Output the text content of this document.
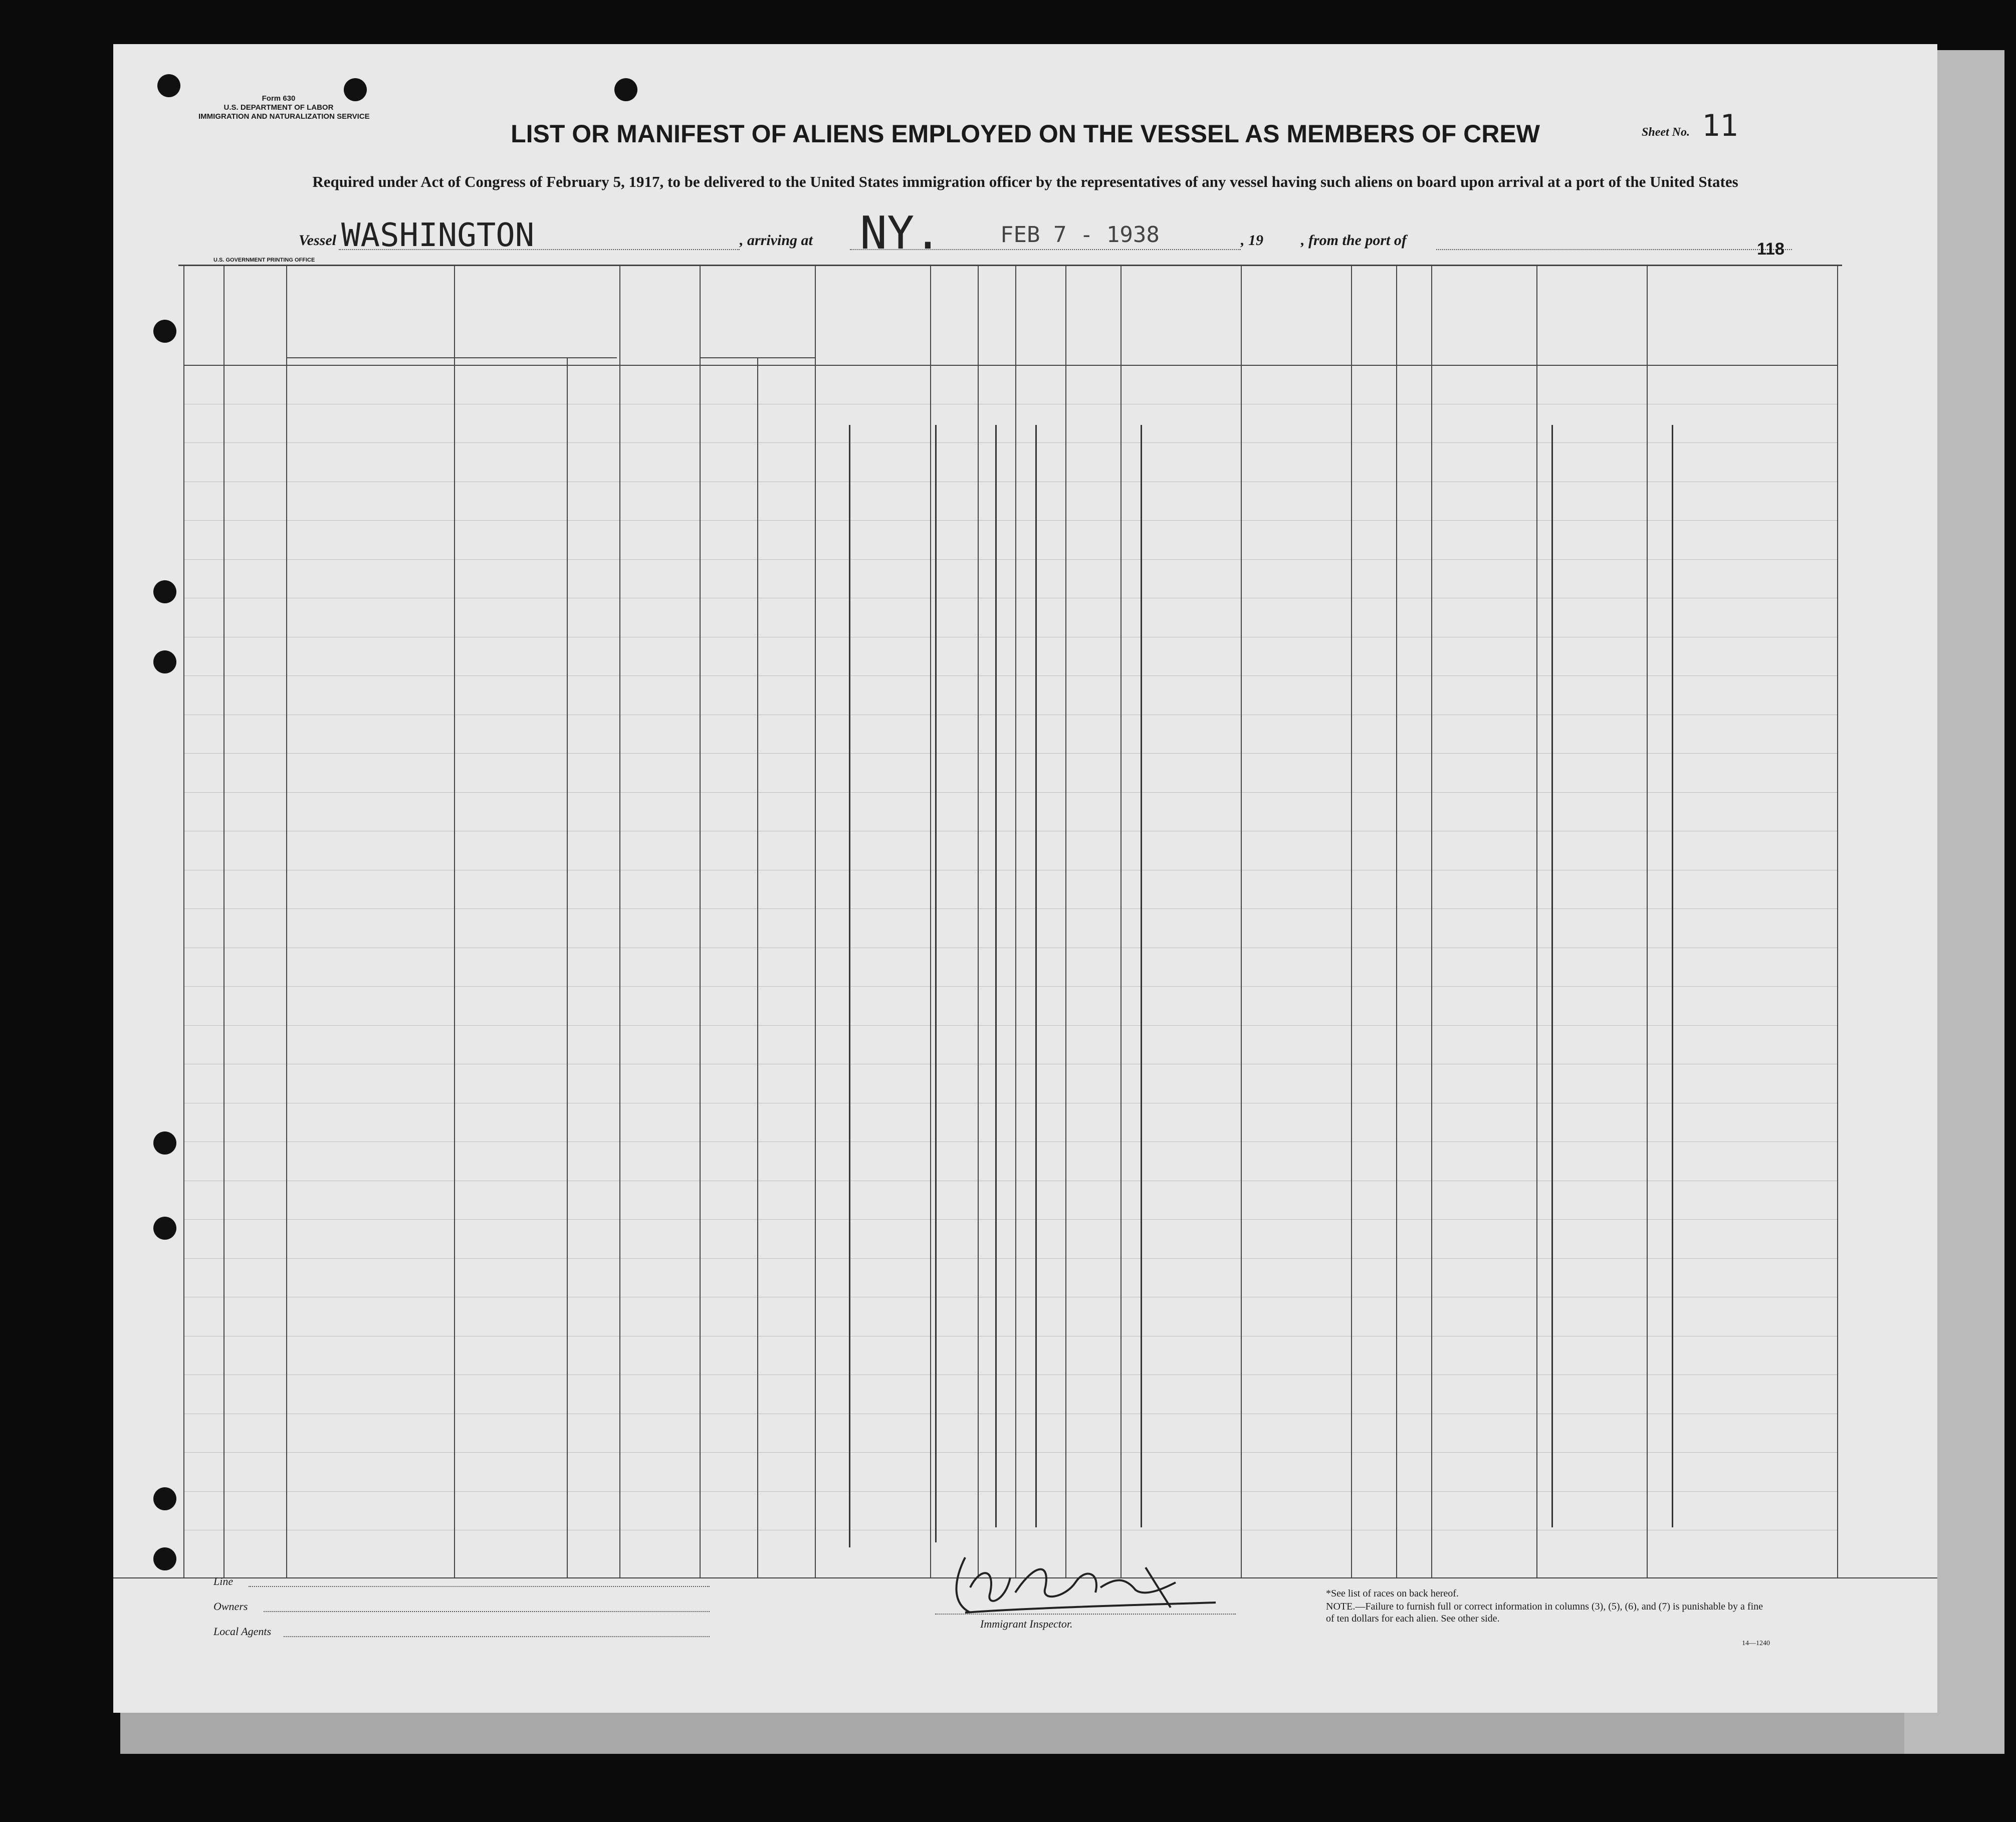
Form 630
U.S. DEPARTMENT OF LABOR
IMMIGRATION AND NATURALIZATION SERVICE
Sheet No. 11
LIST OR MANIFEST OF ALIENS EMPLOYED ON THE VESSEL AS MEMBERS OF CREW
Required under Act of Congress of February 5, 1917, to be delivered to the United States immigration officer by the representatives of any vessel having such aliens on board upon arrival at a port of the United States
Vessel WASHINGTON	, arriving at NY.	FEB 7 - 1938	, 19	, from the port of	118
U.S. GOVERNMENT PRINTING OFFICE
Line
Owners
Local Agents
Immigrant Inspector.
*See list of races on back hereof.
NOTE.—Failure to furnish full or correct information in columns (3), (5), (6), and (7) is punishable by a fine of ten dollars for each alien. See other side.
14—1240
